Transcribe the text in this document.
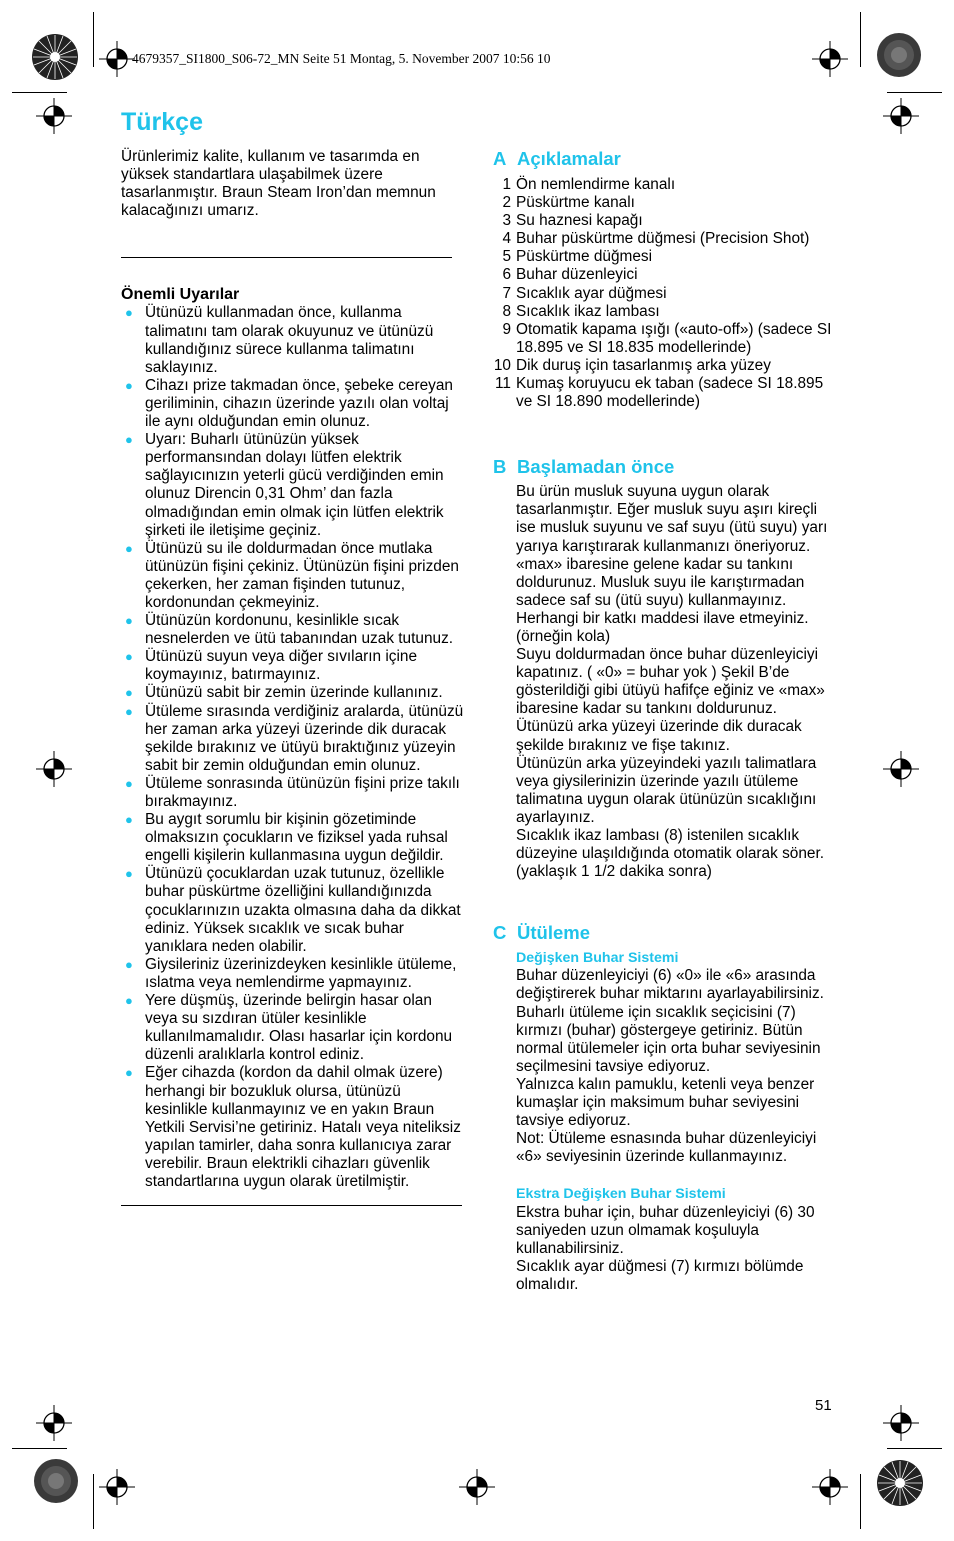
4679357_SI1800_S06-72_MN Seite 51 Montag, 5. November 2007 10:56 10
Türkçe

Ürünlerimiz kalite, kullanım ve tasarımda en yüksek standartlara ulaşabilmek üzere tasarlanmıştır. Braun Steam Iron’dan memnun kalacağınızı umarız.

Önemli Uyarılar

● Ütünüzü kullanmadan önce, kullanma talimatını tam olarak okuyunuz ve ütünüzü kullandığınız sürece kullanma talimatını saklayınız.
● Cihazı prize takmadan önce, şebeke cereyan geriliminin, cihazın üzerinde yazılı olan voltaj ile aynı olduğundan emin olunuz.
● Uyarı: Buharlı ütünüzün yüksek performansından dolayı lütfen elektrik sağlayıcınızın yeterli gücü verdiğinden emin olunuz Direncin 0,31 Ohm’ dan fazla olmadığından emin olmak için lütfen elektrik şirketi ile iletişime geçiniz.
● Ütünüzü su ile doldurmadan önce mutlaka ütünüzün fişini çekiniz. Ütünüzün fişini prizden çekerken, her zaman fişinden tutunuz, kordonundan çekmeyiniz.
● Ütünüzün kordonunu, kesinlikle sıcak nesnelerden ve ütü tabanından uzak tutunuz.
● Ütünüzü suyun veya diğer sıvıların içine koymayınız, batırmayınız.
● Ütünüzü sabit bir zemin üzerinde kullanınız.
● Ütüleme sırasında verdiğiniz aralarda, ütünüzü her zaman arka yüzeyi üzerinde dik duracak şekilde bırakınız ve ütüyü bıraktığınız yüzeyin sabit bir zemin olduğundan emin olunuz.
● Ütüleme sonrasında ütünüzün fişini prize takılı bırakmayınız.
● Bu aygıt sorumlu bir kişinin gözetiminde olmaksızın çocukların ve fiziksel yada ruhsal engelli kişilerin kullanmasına uygun değildir.
● Ütünüzü çocuklardan uzak tutunuz, özellikle buhar püskürtme özelliğini kullandığınızda çocuklarınızın uzakta olmasına daha da dikkat ediniz. Yüksek sıcaklık ve sıcak buhar yanıklara neden olabilir.
● Giysileriniz üzerinizdeyken kesinlikle ütüleme, ıslatma veya nemlendirme yapmayınız.
● Yere düşmüş, üzerinde belirgin hasar olan veya su sızdıran ütüler kesinlikle kullanılmamalıdır. Olası hasarlar için kordonu düzenli aralıklarla kontrol ediniz.
● Eğer cihazda (kordon da dahil olmak üzere) herhangi bir bozukluk olursa, ütünüzü kesinlikle kullanmayınız ve en yakın Braun Yetkili Servisi’ne getiriniz. Hatalı veya niteliksiz yapılan tamirler, daha sonra kullanıcıya zarar verebilir. Braun elektrikli cihazları güvenlik standartlarına uygun olarak üretilmiştir.
A Açıklamalar
1 Ön nemlendirme kanalı
2 Püskürtme kanalı
3 Su haznesi kapağı
4 Buhar püskürtme düğmesi (Precision Shot)
5 Püskürtme düğmesi
6 Buhar düzenleyici
7 Sıcaklık ayar düğmesi
8 Sıcaklık ikaz lambası
9 Otomatik kapama ışığı («auto-off») (sadece SI 18.895 ve SI 18.835 modellerinde)
10 Dik duruş için tasarlanmış arka yüzey
11 Kumaş koruyucu ek taban (sadece SI 18.895 ve SI 18.890 modellerinde)
B Başlamadan önce

Bu ürün musluk suyuna uygun olarak tasarlanmıştır. Eğer musluk suyu aşırı kireçli ise musluk suyunu ve saf suyu (ütü suyu) yarı yarıya karıştırarak kullanmanızı öneriyoruz. «max» ibaresine gelene kadar su tankını doldurunuz. Musluk suyu ile karıştırmadan sadece saf su (ütü suyu) kullanmayınız. Herhangi bir katkı maddesi ilave etmeyiniz. (örneğin kola)

Suyu doldurmadan önce buhar düzenleyiciyi kapatınız. ( «0» = buhar yok ) Şekil B’de gösterildiği gibi ütüyü hafifçe eğiniz ve «max» ibaresine kadar su tankını doldurunuz.

Ütünüzü arka yüzeyi üzerinde dik duracak şekilde bırakınız ve fişe takınız.

Ütünüzün arka yüzeyindeki yazılı talimatlara veya giysilerinizin üzerinde yazılı ütüleme talimatına uygun olarak ütünüzün sıcaklığını ayarlayınız.

Sıcaklık ikaz lambası (8) istenilen sıcaklık düzeyine ulaşıldığında otomatik olarak söner. (yaklaşık 1 1/2 dakika sonra)

C Ütüleme

Değişken Buhar Sistemi

Buhar düzenleyiciyi (6) «0» ile «6» arasında değiştirerek buhar miktarını ayarlayabilirsiniz. Buharlı ütüleme için sıcaklık seçicisini (7) kırmızı (buhar) göstergeye getiriniz. Bütün normal ütülemeler için orta buhar seviyesinin seçilmesini tavsiye ediyoruz.

Yalnızca kalın pamuklu, ketenli veya benzer kumaşlar için maksimum buhar seviyesini tavsiye ediyoruz.

Not: Ütüleme esnasında buhar düzenleyiciyi «6» seviyesinin üzerinde kullanmayınız.

Ekstra Değişken Buhar Sistemi

Ekstra buhar için, buhar düzenleyiciyi (6) 30 saniyeden uzun olmamak koşuluyla kullanabilirsiniz.

Sıcaklık ayar düğmesi (7) kırmızı bölümde olmalıdır.

51
